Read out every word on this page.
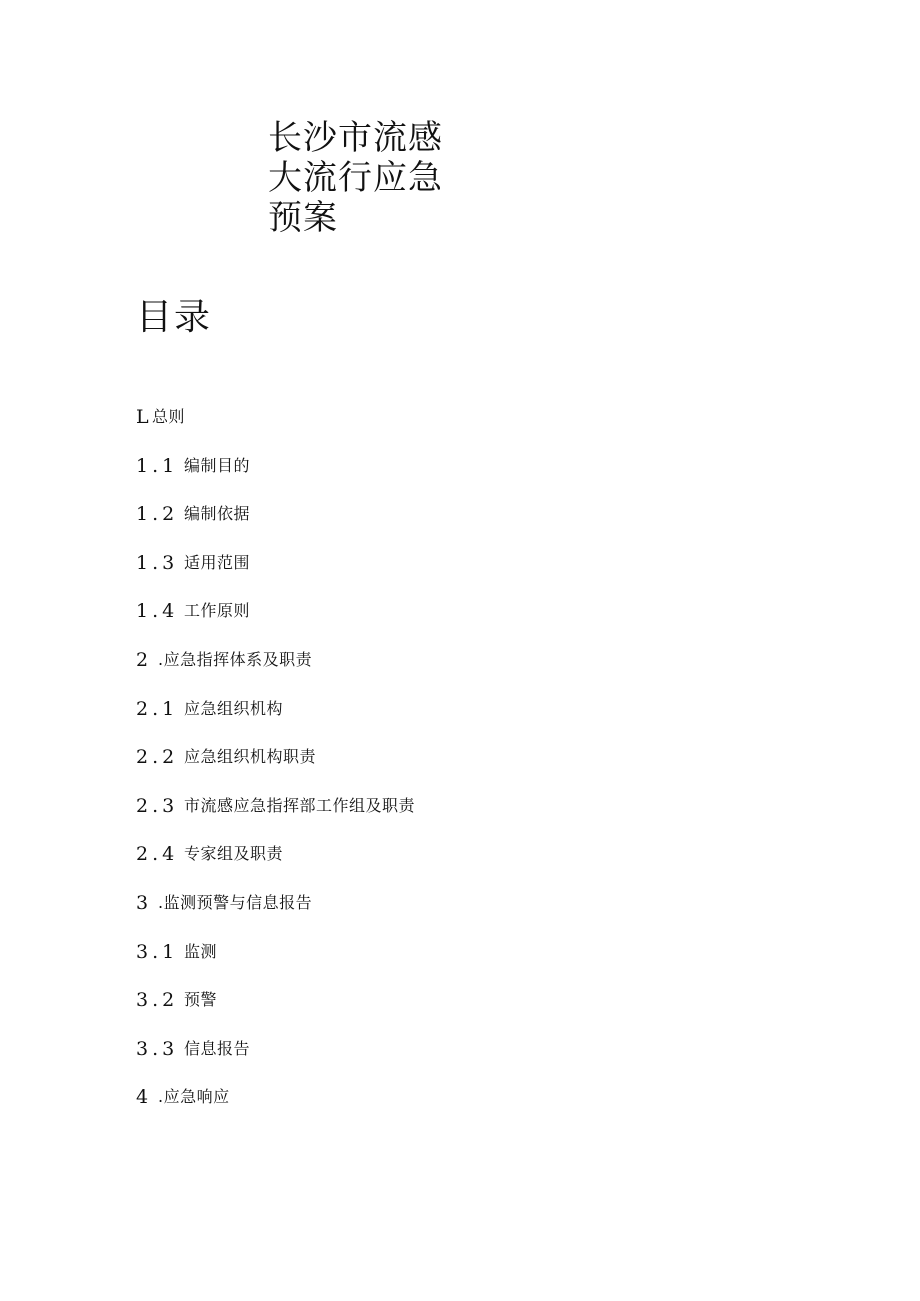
长沙市流感
大流行应急
预案
目录
L 总则
1.1 编制目的
1.2 编制依据
1.3 适用范围
1.4 工作原则
2 .应急指挥体系及职责
2.1 应急组织机构
2.2 应急组织机构职责
2.3 市流感应急指挥部工作组及职责
2.4 专家组及职责
3 .监测预警与信息报告
3.1 监测
3.2 预警
3.3 信息报告
4 .应急响应
